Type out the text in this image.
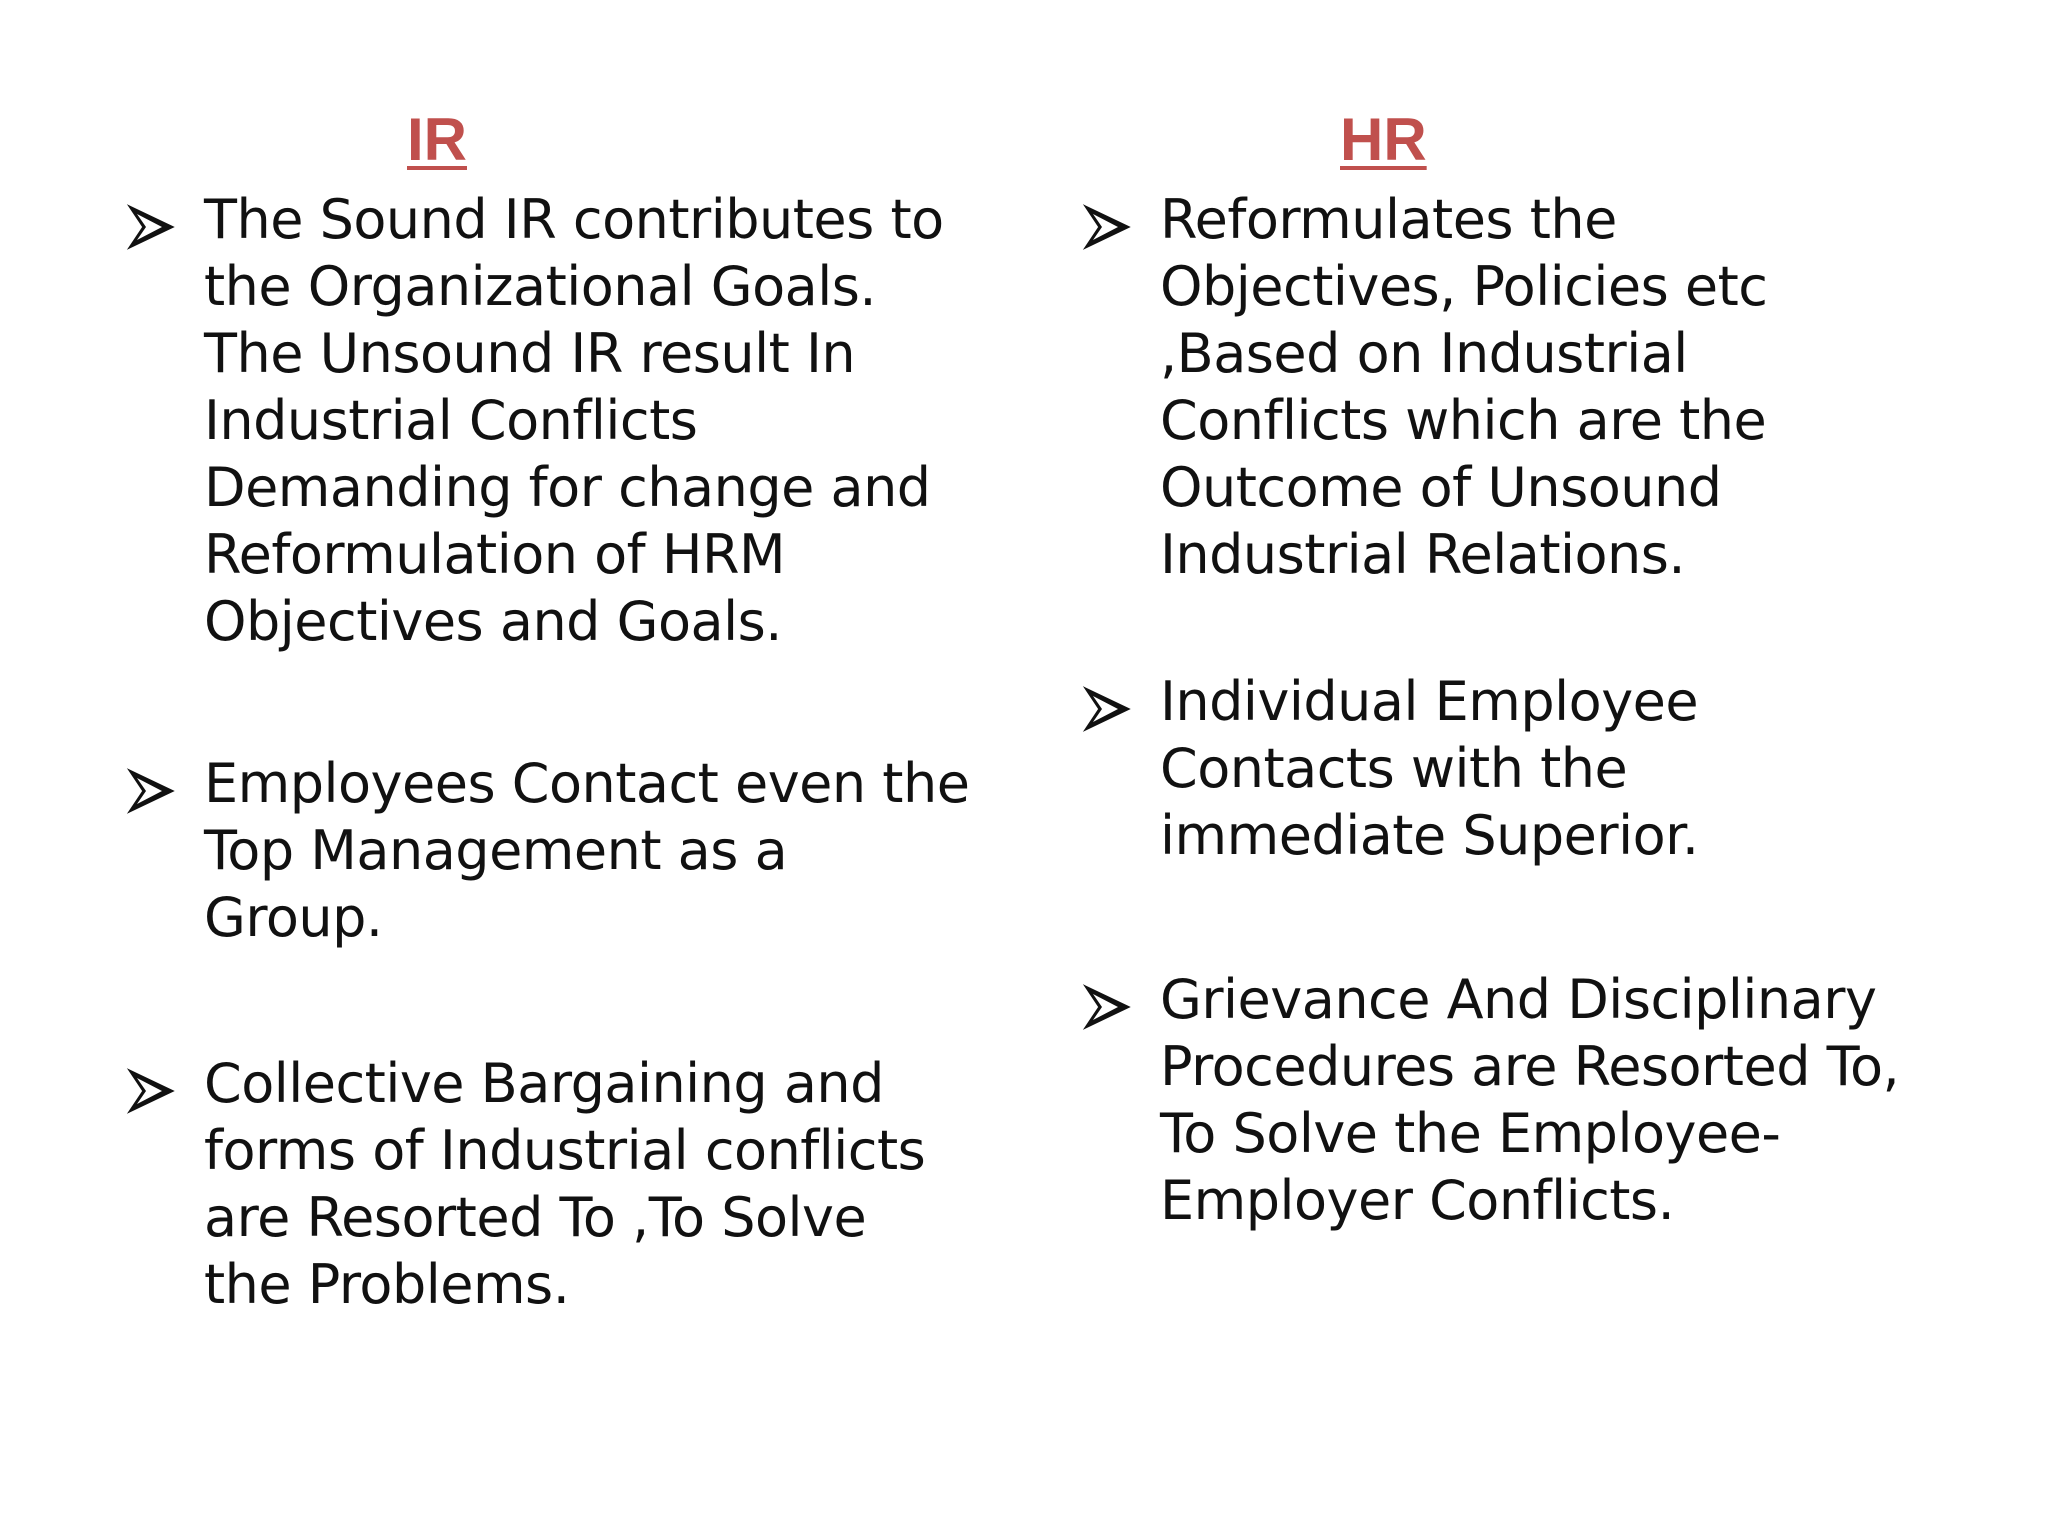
IR

The Sound IR contributes to
the Organizational Goals.
The Unsound IR result In
Industrial Conflicts
Demanding for change and
Reformulation of HRM
Objectives and Goals.

Employees Contact even the
Top Management as a
Group.

Collective Bargaining and
forms of Industrial conflicts
are Resorted To ,To Solve
the Problems.

HR

Reformulates the
Objectives, Policies etc
,Based on Industrial
Conflicts which are the
Outcome of Unsound
Industrial Relations.

Individual Employee
Contacts with the
immediate Superior.

Grievance And Disciplinary
Procedures are Resorted To,
To Solve the Employee-
Employer Conflicts.
